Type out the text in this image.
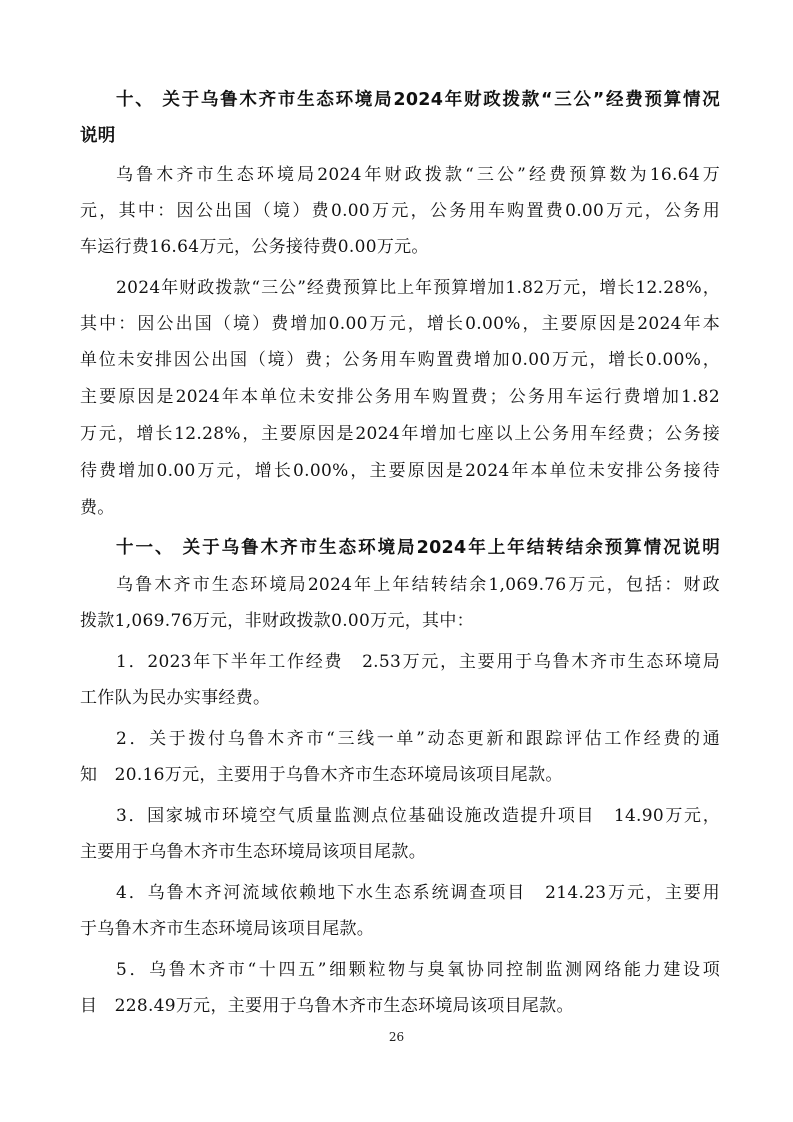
十、 关于乌鲁木齐市生态环境局2024年财政拨款“三公”经费预算情况
说明
乌鲁木齐市生态环境局2024年财政拨款“三公”经费预算数为16.64万
元，其中：因公出国（境）费0.00万元，公务用车购置费0.00万元，公务用
车运行费16.64万元，公务接待费0.00万元。
2024年财政拨款“三公”经费预算比上年预算增加1.82万元，增长12.28%，
其中：因公出国（境）费增加0.00万元，增长0.00%，主要原因是2024年本
单位未安排因公出国（境）费；公务用车购置费增加0.00万元，增长0.00%，
主要原因是2024年本单位未安排公务用车购置费；公务用车运行费增加1.82
万元，增长12.28%，主要原因是2024年增加七座以上公务用车经费；公务接
待费增加0.00万元，增长0.00%，主要原因是2024年本单位未安排公务接待
费。
十一、 关于乌鲁木齐市生态环境局2024年上年结转结余预算情况说明
乌鲁木齐市生态环境局2024年上年结转结余1,069.76万元，包括：财政
拨款1,069.76万元，非财政拨款0.00万元，其中：
1．2023年下半年工作经费　2.53万元，主要用于乌鲁木齐市生态环境局
工作队为民办实事经费。
2．关于拨付乌鲁木齐市“三线一单”动态更新和跟踪评估工作经费的通
知　20.16万元，主要用于乌鲁木齐市生态环境局该项目尾款。
3．国家城市环境空气质量监测点位基础设施改造提升项目　14.90万元，
主要用于乌鲁木齐市生态环境局该项目尾款。
4．乌鲁木齐河流域依赖地下水生态系统调查项目　214.23万元，主要用
于乌鲁木齐市生态环境局该项目尾款。
5．乌鲁木齐市“十四五”细颗粒物与臭氧协同控制监测网络能力建设项
目　228.49万元，主要用于乌鲁木齐市生态环境局该项目尾款。
26
